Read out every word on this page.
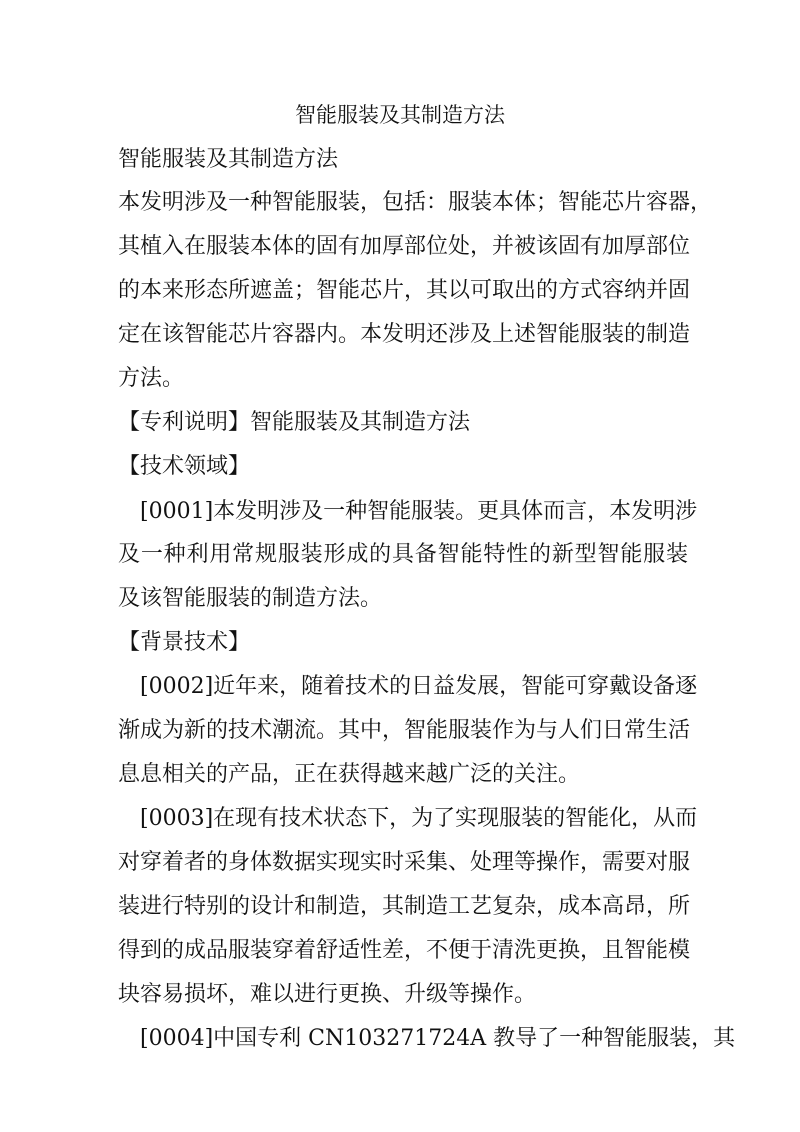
智能服装及其制造方法
智能服装及其制造方法
本发明涉及一种智能服装，包括：服装本体；智能芯片容器，
其植入在服装本体的固有加厚部位处，并被该固有加厚部位
的本来形态所遮盖；智能芯片，其以可取出的方式容纳并固
定在该智能芯片容器内。本发明还涉及上述智能服装的制造
方法。
【专利说明】智能服装及其制造方法
【技术领域】
[0001]本发明涉及一种智能服装。更具体而言，本发明涉
及一种利用常规服装形成的具备智能特性的新型智能服装
及该智能服装的制造方法。
【背景技术】
[0002]近年来，随着技术的日益发展，智能可穿戴设备逐
渐成为新的技术潮流。其中，智能服装作为与人们日常生活
息息相关的产品，正在获得越来越广泛的关注。
[0003]在现有技术状态下，为了实现服装的智能化，从而
对穿着者的身体数据实现实时采集、处理等操作，需要对服
装进行特别的设计和制造，其制造工艺复杂，成本高昂，所
得到的成品服装穿着舒适性差，不便于清洗更换，且智能模
块容易损坏，难以进行更换、升级等操作。
[0004]中国专利 CN103271724A 教导了一种智能服装，其
